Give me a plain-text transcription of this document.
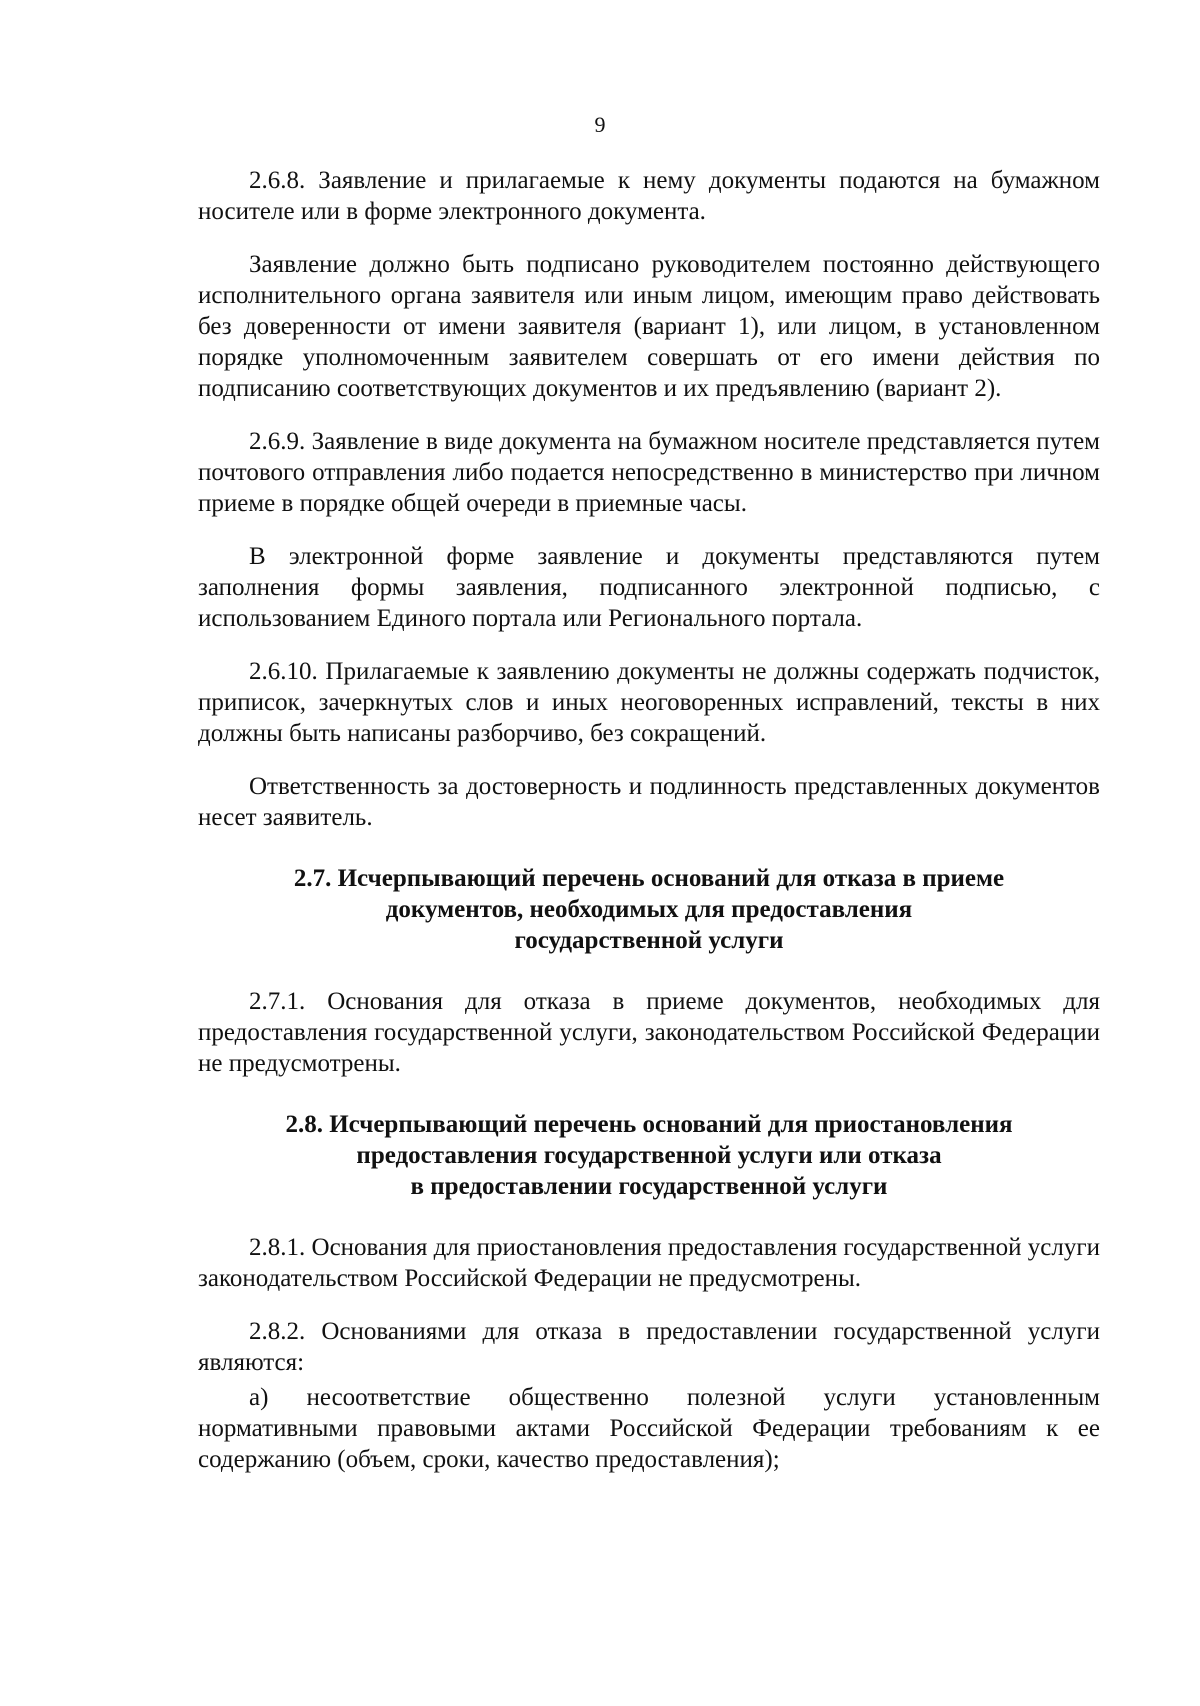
9

2.6.8. Заявление и прилагаемые к нему документы подаются на бумажном носителе или в форме электронного документа.

Заявление должно быть подписано руководителем постоянно действующего исполнительного органа заявителя или иным лицом, имеющим право действовать без доверенности от имени заявителя (вариант 1), или лицом, в установленном порядке уполномоченным заявителем совершать от его имени действия по подписанию соответствующих документов и их предъявлению (вариант 2).

2.6.9. Заявление в виде документа на бумажном носителе представляется путем почтового отправления либо подается непосредственно в министерство при личном приеме в порядке общей очереди в приемные часы.

В электронной форме заявление и документы представляются путем заполнения формы заявления, подписанного электронной подписью, с использованием Единого портала или Регионального портала.

2.6.10. Прилагаемые к заявлению документы не должны содержать подчисток, приписок, зачеркнутых слов и иных неоговоренных исправлений, тексты в них должны быть написаны разборчиво, без сокращений.

Ответственность за достоверность и подлинность представленных документов несет заявитель.

2.7. Исчерпывающий перечень оснований для отказа в приеме
документов, необходимых для предоставления
государственной услуги

2.7.1. Основания для отказа в приеме документов, необходимых для предоставления государственной услуги, законодательством Российской Федерации не предусмотрены.

2.8. Исчерпывающий перечень оснований для приостановления
предоставления государственной услуги или отказа
в предоставлении государственной услуги

2.8.1. Основания для приостановления предоставления государственной услуги законодательством Российской Федерации не предусмотрены.

2.8.2. Основаниями для отказа в предоставлении государственной услуги являются:

а) несоответствие общественно полезной услуги установленным нормативными правовыми актами Российской Федерации требованиям к ее содержанию (объем, сроки, качество предоставления);
